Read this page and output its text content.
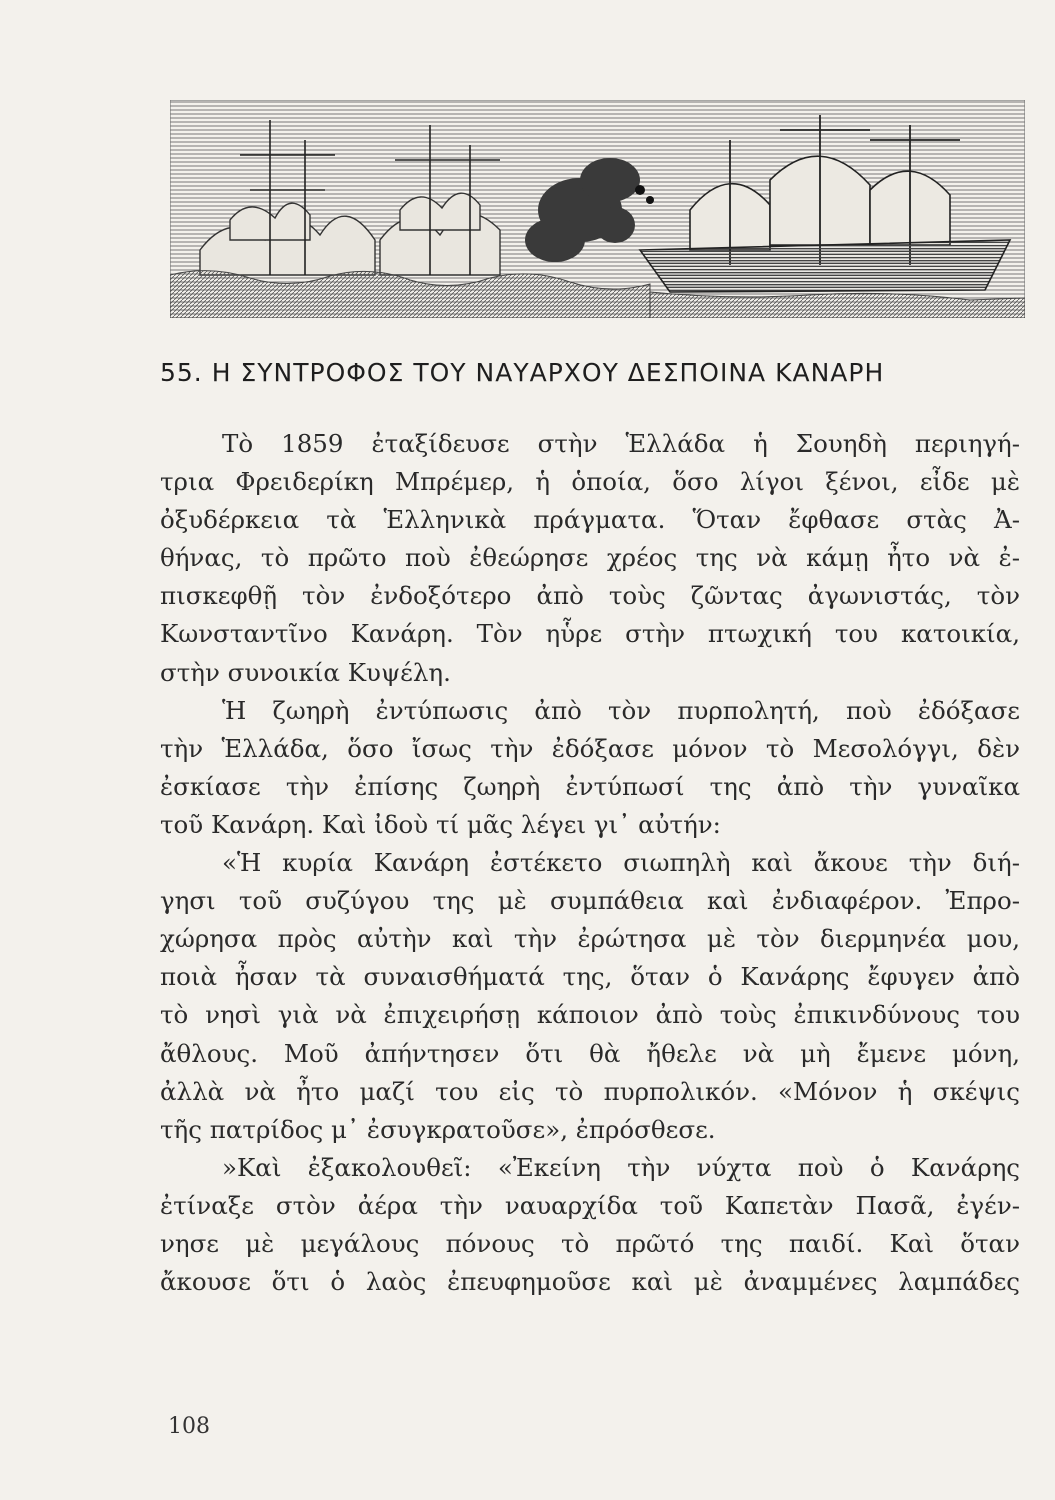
55. Η ΣΥΝΤΡΟΦΟΣ ΤΟΥ ΝΑΥΑΡΧΟΥ ΔΕΣΠΟΙΝΑ ΚΑΝΑΡΗ
Τὸ 1859 ἐταξίδευσε στὴν Ἑλλάδα ἡ Σουηδὴ περιηγή-
τρια Φρειδερίκη Μπρέμερ, ἡ ὁποία, ὅσο λίγοι ξένοι, εἶδε μὲ
ὀξυδέρκεια τὰ Ἑλληνικὰ πράγματα. Ὅταν ἔφθασε στὰς Ἀ-
θήνας, τὸ πρῶτο ποὺ ἐθεώρησε χρέος της νὰ κάμῃ ἦτο νὰ ἐ-
πισκεφθῇ τὸν ἐνδοξότερο ἀπὸ τοὺς ζῶντας ἀγωνιστάς, τὸν
Κωνσταντῖνο Κανάρη. Τὸν ηὗρε στὴν πτωχική του κατοικία,
στὴν συνοικία Κυψέλη.
Ἡ ζωηρὴ ἐντύπωσις ἀπὸ τὸν πυρπολητή, ποὺ ἐδόξασε
τὴν Ἑλλάδα, ὅσο ἴσως τὴν ἐδόξασε μόνον τὸ Μεσολόγγι, δὲν
ἐσκίασε τὴν ἐπίσης ζωηρὴ ἐντύπωσί της ἀπὸ τὴν γυναῖκα
τοῦ Κανάρη. Καὶ ἰδοὺ τί μᾶς λέγει γι᾽ αὐτήν:
«Ἡ κυρία Κανάρη ἐστέκετο σιωπηλὴ καὶ ἄκουε τὴν διή-
γησι τοῦ συζύγου της μὲ συμπάθεια καὶ ἐνδιαφέρον. Ἐπρο-
χώρησα πρὸς αὐτὴν καὶ τὴν ἐρώτησα μὲ τὸν διερμηνέα μου,
ποιὰ ἦσαν τὰ συναισθήματά της, ὅταν ὁ Κανάρης ἔφυγεν ἀπὸ
τὸ νησὶ γιὰ νὰ ἐπιχειρήσῃ κάποιον ἀπὸ τοὺς ἐπικινδύνους του
ἄθλους. Μοῦ ἀπήντησεν ὅτι θὰ ἤθελε νὰ μὴ ἔμενε μόνη,
ἀλλὰ νὰ ἦτο μαζί του εἰς τὸ πυρπολικόν. «Μόνον ἡ σκέψις
τῆς πατρίδος μ᾽ ἐσυγκρατοῦσε», ἐπρόσθεσε.
»Καὶ ἐξακολουθεῖ: «Ἐκείνη τὴν νύχτα ποὺ ὁ Κανάρης
ἐτίναξε στὸν ἀέρα τὴν ναυαρχίδα τοῦ Καπετὰν Πασᾶ, ἐγέν-
νησε μὲ μεγάλους πόνους τὸ πρῶτό της παιδί. Καὶ ὅταν
ἄκουσε ὅτι ὁ λαὸς ἐπευφημοῦσε καὶ μὲ ἀναμμένες λαμπάδες
108
